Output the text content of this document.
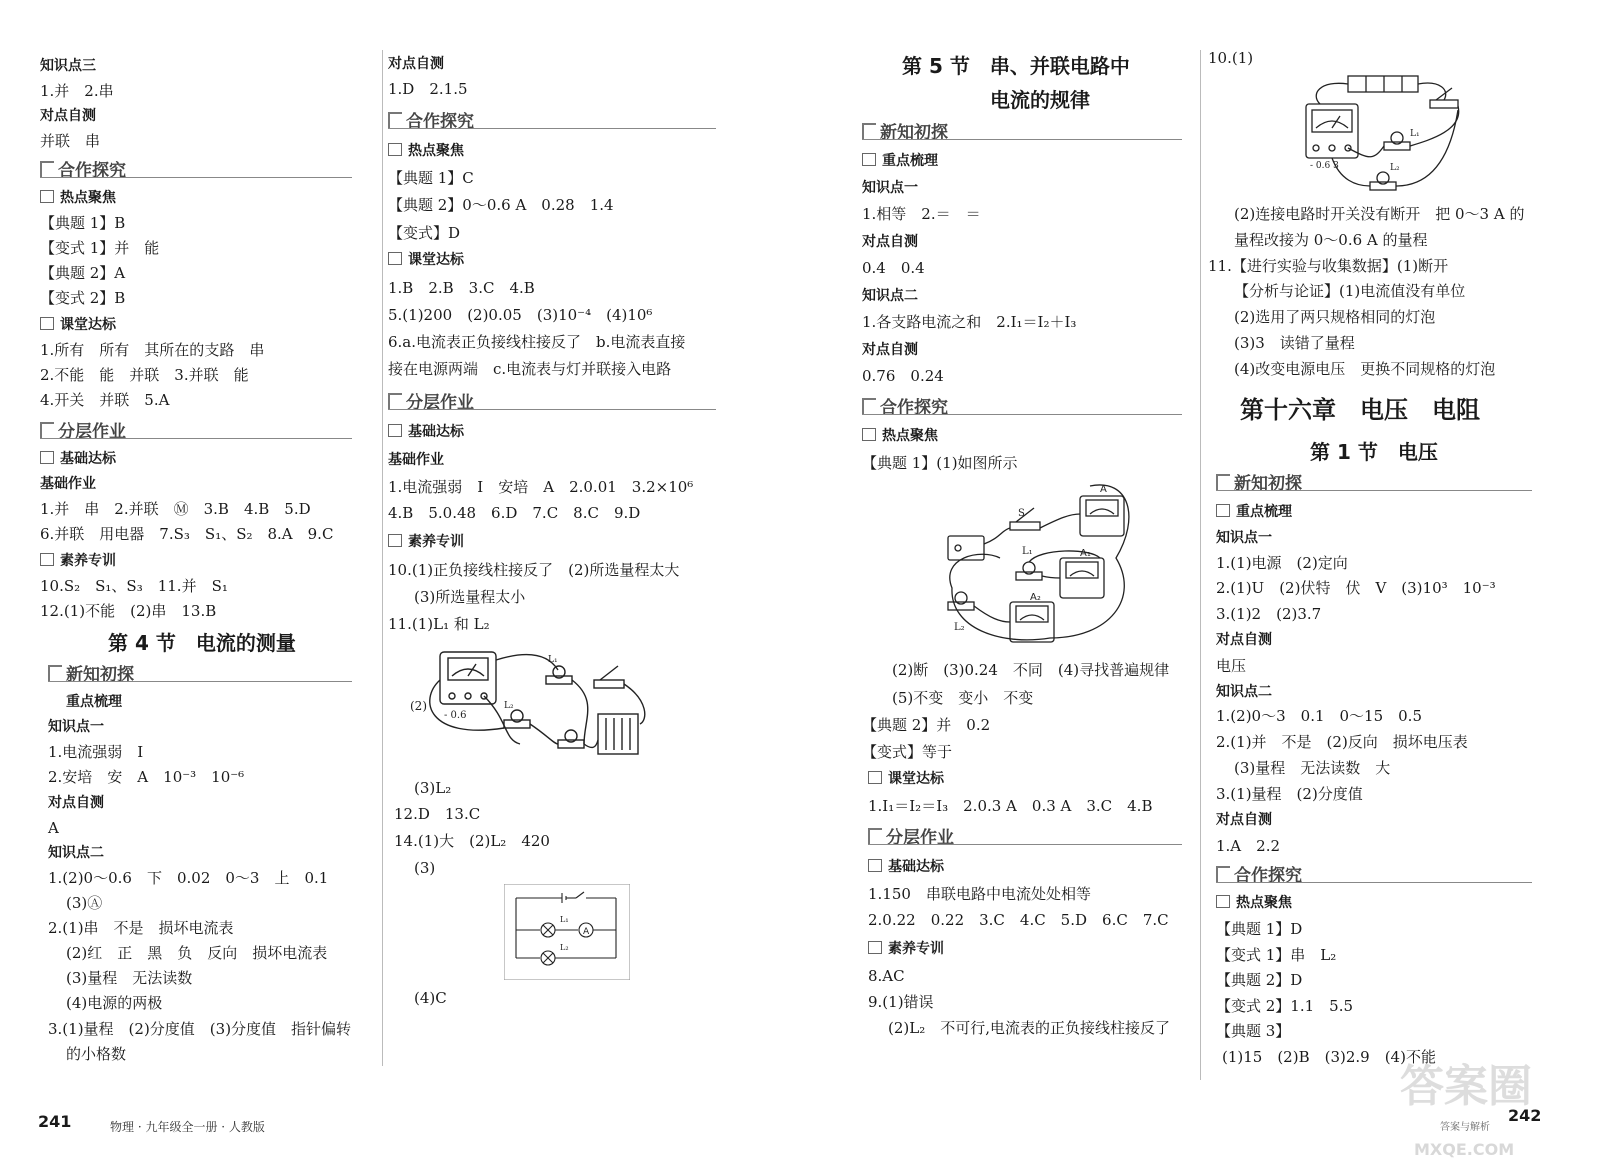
知识点三
1.并　2.串
对点自测
并联　串
合作探究
热点聚焦
【典题 1】B
【变式 1】并　能
【典题 2】A
【变式 2】B
课堂达标
1.所有　所有　其所在的支路　串
2.不能　能　并联　3.并联　能
4.开关　并联　5.A
分层作业
基础达标
基础作业
1.并　串　2.并联　Ⓜ　3.B　4.B　5.D
6.并联　用电器　7.S₃　S₁、S₂　8.A　9.C
素养专训
10.S₂　S₁、S₃　11.并　S₁
12.(1)不能　(2)串　13.B
第 4 节　电流的测量
新知初探
重点梳理
知识点一
1.电流强弱　I
2.安培　安　A　10⁻³　10⁻⁶
对点自测
A
知识点二
1.(2)0～0.6　下　0.02　0～3　上　0.1
(3)Ⓐ
2.(1)串　不是　损坏电流表
(2)红　正　黑　负　反向　损坏电流表
(3)量程　无法读数
(4)电源的两极
3.(1)量程　(2)分度值　(3)分度值　指针偏转
的小格数
对点自测
1.D　2.1.5
合作探究
热点聚焦
【典题 1】C
【典题 2】0～0.6 A　0.28　1.4
【变式】D
课堂达标
1.B　2.B　3.C　4.B
5.(1)200　(2)0.05　(3)10⁻⁴　(4)10⁶
6.a.电流表正负接线柱接反了　b.电流表直接
接在电源两端　c.电流表与灯并联接入电路
分层作业
基础达标
基础作业
1.电流强弱　I　安培　A　2.0.01　3.2×10⁶
4.B　5.0.48　6.D　7.C　8.C　9.D
素养专训
10.(1)正负接线柱接反了　(2)所选量程太大
(3)所选量程太小
11.(1)L₁ 和 L₂
(2)
- 0.6
L₁
L₂
(3)L₂
12.D　13.C
14.(1)大　(2)L₂　420
(3)
A
L₁
L₂
(4)C
第 5 节　串、并联电路中
电流的规律
新知初探
重点梳理
知识点一
1.相等　2.＝　＝
对点自测
0.4　0.4
知识点二
1.各支路电流之和　2.I₁＝I₂＋I₃
对点自测
0.76　0.24
合作探究
热点聚焦
【典题 1】(1)如图所示
S
A
A₁
A₂
L₁
L₂
(2)断　(3)0.24　不同　(4)寻找普遍规律
(5)不变　变小　不变
【典题 2】并　0.2
【变式】等于
课堂达标
1.I₁＝I₂＝I₃　2.0.3 A　0.3 A　3.C　4.B
分层作业
基础达标
1.150　串联电路中电流处处相等
2.0.22　0.22　3.C　4.C　5.D　6.C　7.C
素养专训
8.AC
9.(1)错误
(2)L₂　不可行,电流表的正负接线柱接反了
10.(1)
L₁
L₂
- 0.6 3
(2)连接电路时开关没有断开　把 0～3 A 的
量程改接为 0～0.6 A 的量程
11.【进行实验与收集数据】(1)断开
【分析与论证】(1)电流值没有单位
(2)选用了两只规格相同的灯泡
(3)3　读错了量程
(4)改变电源电压　更换不同规格的灯泡
第十六章　电压　电阻
第 1 节　电压
新知初探
重点梳理
知识点一
1.(1)电源　(2)定向
2.(1)U　(2)伏特　伏　V　(3)10³　10⁻³
3.(1)2　(2)3.7
对点自测
电压
知识点二
1.(2)0～3　0.1　0～15　0.5
2.(1)并　不是　(2)反向　损坏电压表
(3)量程　无法读数　大
3.(1)量程　(2)分度值
对点自测
1.A　2.2
合作探究
热点聚焦
【典题 1】D
【变式 1】串　L₂
【典题 2】D
【变式 2】1.1　5.5
【典题 3】
(1)15　(2)B　(3)2.9　(4)不能
241	物理 · 九年级全一册 · 人教版	答案与解析
242
答案圈
MXQE.COM
